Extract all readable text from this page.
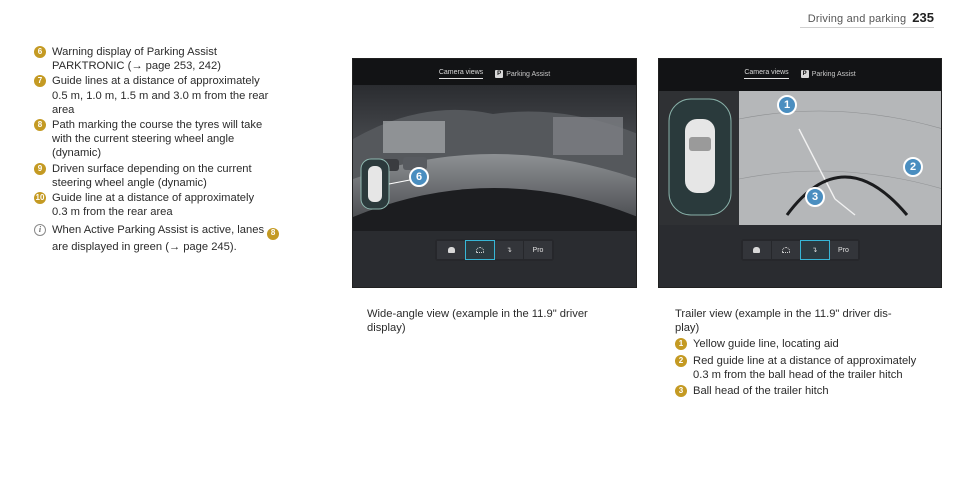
Driving and parking 235
6 Warning display of Parking Assist
PARKTRONIC (→ page 253, 242)
7 Guide lines at a distance of approximately
0.5 m, 1.0 m, 1.5 m and 3.0 m from the rear
area
8 Path marking the course the tyres will take
with the current steering wheel angle
(dynamic)
9 Driven surface depending on the current
steering wheel angle (dynamic)
10 Guide line at a distance of approximately
0.3 m from the rear area
i When Active Parking Assist is active, lanes 8
are displayed in green (→ page 245).
Camera views	P Parking Assist
6
↴	Pro
Camera views	P Parking Assist
1
2
3
↴	Pro
Wide-angle view (example in the 11.9" driver
display)
Trailer view (example in the 11.9" driver dis-
play)
1 Yellow guide line, locating aid
2 Red guide line at a distance of approximately
0.3 m from the ball head of the trailer hitch
3 Ball head of the trailer hitch
